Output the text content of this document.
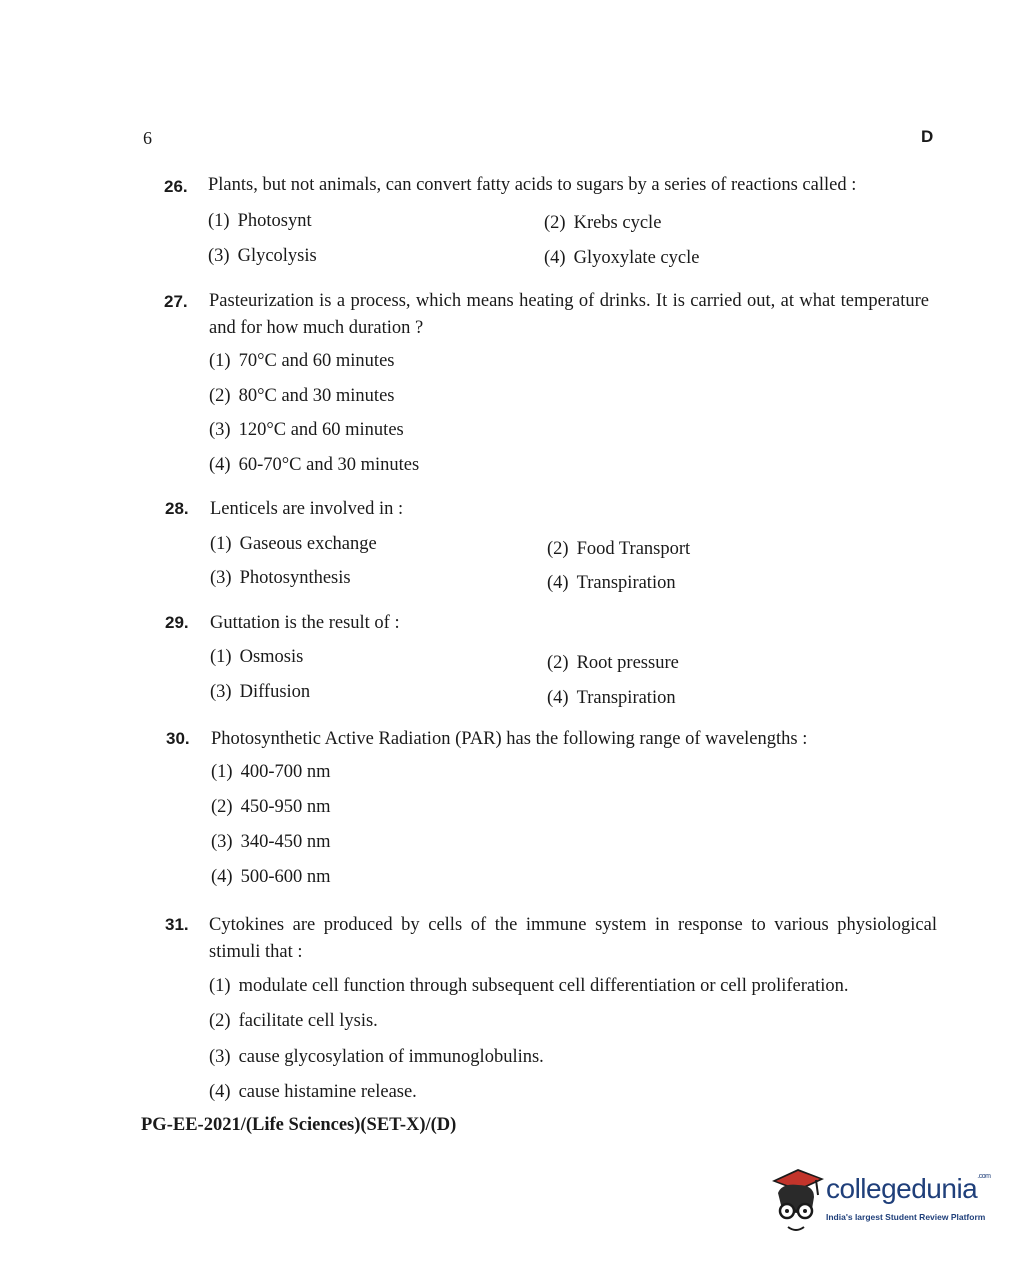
6	D
26. Plants, but not animals, can convert fatty acids to sugars by a series of reactions called :
(1) Photosynt	(2) Krebs cycle
(3) Glycolysis	(4) Glyoxylate cycle
27. Pasteurization is a process, which means heating of drinks. It is carried out, at what temperature and for how much duration ?
(1) 70°C and 60 minutes
(2) 80°C and 30 minutes
(3) 120°C and 60 minutes
(4) 60-70°C and 30 minutes
28. Lenticels are involved in :
(1) Gaseous exchange	(2) Food Transport
(3) Photosynthesis	(4) Transpiration
29. Guttation is the result of :
(1) Osmosis	(2) Root pressure
(3) Diffusion	(4) Transpiration
30. Photosynthetic Active Radiation (PAR) has the following range of wavelengths :
(1) 400-700 nm
(2) 450-950 nm
(3) 340-450 nm
(4) 500-600 nm
31. Cytokines are produced by cells of the immune system in response to various physiological stimuli that :
(1) modulate cell function through subsequent cell differentiation or cell proliferation.
(2) facilitate cell lysis.
(3) cause glycosylation of immunoglobulins.
(4) cause histamine release.
PG-EE-2021/(Life Sciences)(SET-X)/(D)
collegedunia$^{.com}$
India's largest Student Review Platform
